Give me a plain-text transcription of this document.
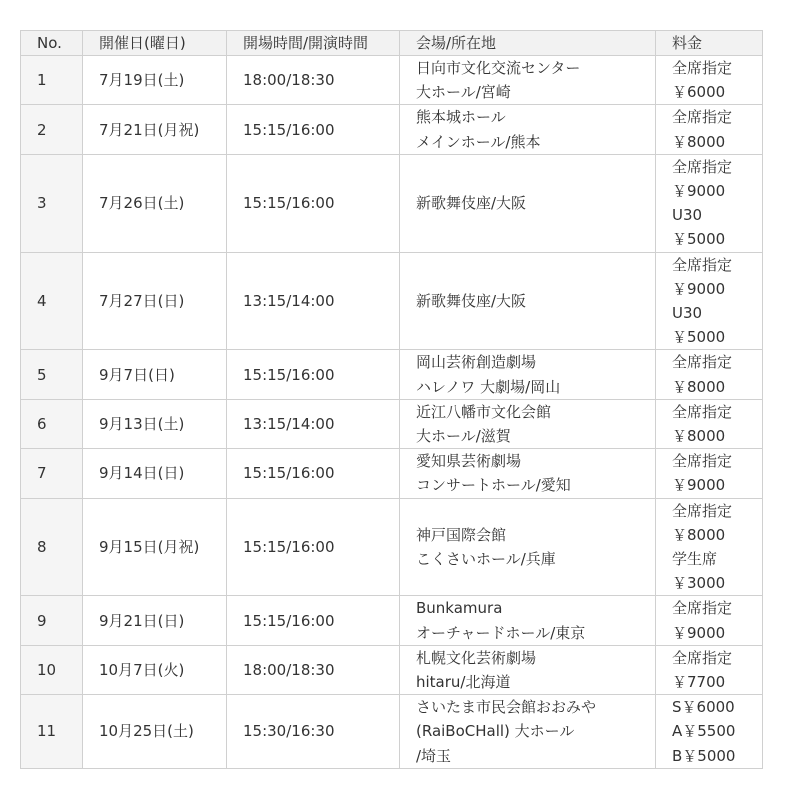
No.	開催日(曜日)	開場時間/開演時間	会場/所在地	料金
1	7月19日(土)	18:00/18:30	日向市文化交流センター
大ホール/宮崎	全席指定
￥6000

2	7月21日(月祝)	15:15/16:00	熊本城ホール
メインホール/熊本	全席指定
￥8000

3	7月26日(土)	15:15/16:00	新歌舞伎座/大阪	全席指定
￥9000
U30
￥5000

4	7月27日(日)	13:15/14:00	新歌舞伎座/大阪	全席指定
￥9000
U30
￥5000

5	9月7日(日)	15:15/16:00	岡山芸術創造劇場
ハレノワ 大劇場/岡山	全席指定
￥8000

6	9月13日(土)	13:15/14:00	近江八幡市文化会館
大ホール/滋賀	全席指定
￥8000

7	9月14日(日)	15:15/16:00	愛知県芸術劇場
コンサートホール/愛知	全席指定
￥9000

8	9月15日(月祝)	15:15/16:00	神戸国際会館
こくさいホール/兵庫	全席指定
￥8000
学生席
￥3000

9	9月21日(日)	15:15/16:00	Bunkamura
オーチャードホール/東京	全席指定
￥9000

10	10月7日(火)	18:00/18:30	札幌文化芸術劇場
hitaru/北海道	全席指定
￥7700

11	10月25日(土)	15:30/16:30	さいたま市民会館おおみや
(RaiBoCHall) 大ホール
/埼玉	S￥6000
A￥5500
B￥5000
